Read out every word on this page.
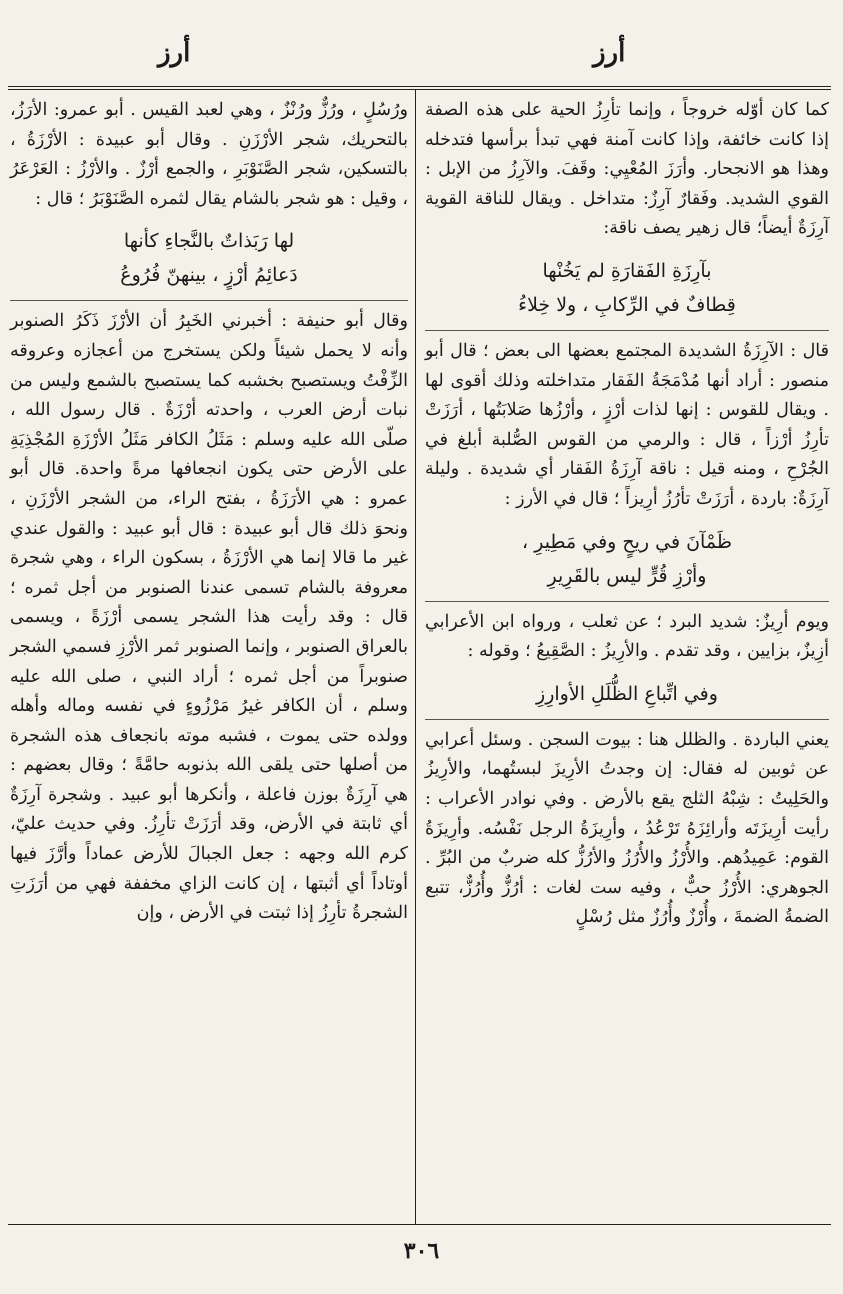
أرز	أرز

كما كان أوّله خروجاً ، وإنما تأرِزُ الحية على هذه الصفة إذا كانت خائفة، وإذا كانت آمنة فهي تبدأ برأسها فتدخله وهذا هو الانجحار. وأرَزَ المُعْيِي: وقَفَ. والآرِزُ من الإبل : القوي الشديد. وفَقارٌ آرِزٌ: متداخل . ويقال للناقة القوية آرِزَةٌ أيضاً؛ قال زهير يصف ناقة:

بآرِزَةِ الفَقارَةِ لم يَخُنْها
قِطافٌ في الرِّكابِ ، ولا خِلاءُ

قال : الآرِزَةُ الشديدة المجتمع بعضها الى بعض ؛ قال أبو منصور : أراد أنها مُدْمَجَةُ الفَقار متداخلته وذلك أقوى لها . ويقال للقوس : إنها لذات أرْزٍ ، وأرْزُها صَلابَتُها ، أرَزَتْ تأرِزُ أرْزاً ، قال : والرمي من القوس الصُّلبة أبلغ في الجُرْحِ ، ومنه قيل : ناقة آرِزَةُ الفَقار أي شديدة . وليلة آرِزَةٌ: باردة ، أرَزَتْ تأرُزُ أرِيزاً ؛ قال في الأرز :

ظَمْآنَ في ريحٍ وفي مَطِيرِ ،
وأرْزِ قُرٍّ ليس بالقَرِيرِ

ويوم أرِيزٌ: شديد البرد ؛ عن ثعلب ، ورواه ابن الأعرابي أزِيزٌ، بزايين ، وقد تقدم . والأرِيزُ : الصَّقِيعُ ؛ وقوله :

وفي اتِّباعِ الظُّلَلِ الأوارِزِ

يعني الباردة . والظلل هنا : بيوت السجن . وسئل أعرابي عن ثوبين له فقال: إن وجدتُ الأرِيزَ لبستُهما، والأرِيزُ والحَلِيتُ : شِبْهُ الثلج يقع بالأرض . وفي نوادر الأعراب : رأيت أرِيزَتَه وأرائِزَهُ تَرْعُدُ ، وأرِيزَةُ الرجل نَفْسُه. وأرِيزَةُ القوم: عَمِيدُهم. والأُرْزُ والأُرُزُ والأرُزُّ كله ضربٌ من البُرِّ . الجوهري: الأُرْزُ حبٌّ ، وفيه ست لغات : أرُزٌّ وأُرُزٌّ، تتبع الضمةُ الضمةَ ، وأُرْزٌ وأُرُزٌ مثل رُسْلٍ

ورُسُلٍ ، ورُزٌّ ورُنْزٌ ، وهي لعبد القيس . أبو عمرو: الأرَزُ، بالتحريك، شجر الأرْزَنِ . وقال أبو عبيدة : الأرْزَةُ ، بالتسكين، شجر الصَّنَوْبَرِ ، والجمع أرْزٌ . والأرْزُ : العَرْعَرُ ، وقيل : هو شجر بالشام يقال لثمره الصَّنَوْبَرُ ؛ قال :

لها رَبَذاتٌ بالنَّجاءِ كأنها
دَعائِمُ أرْزٍ ، بينهنّ فُرُوعُ

وقال أبو حنيفة : أخبرني الخَبِرُ أن الأرْزَ ذَكَرُ الصنوبر وأنه لا يحمل شيئاً ولكن يستخرج من أعجازه وعروقه الزِّفْتُ ويستصبح بخشبه كما يستصبح بالشمع وليس من نبات أرض العرب ، واحدته أرْزَةٌ . قال رسول الله ، صلّى الله عليه وسلم : مَثَلُ الكافر مَثَلُ الأرْزَةِ المُجْذِيَةِ على الأرض حتى يكون انجعافها مرةً واحدة. قال أبو عمرو : هي الأرَزَةُ ، بفتح الراء، من الشجر الأرْزَنِ ، ونحوَ ذلك قال أبو عبيدة : قال أبو عبيد : والقول عندي غير ما قالا إنما هي الأرْزَةُ ، بسكون الراء ، وهي شجرة معروفة بالشام تسمى عندنا الصنوبر من أجل ثمره ؛ قال : وقد رأيت هذا الشجر يسمى أرْزَةً ، ويسمى بالعراق الصنوبر ، وإنما الصنوبر ثمر الأرْزِ فسمي الشجر صنوبراً من أجل ثمره ؛ أراد النبي ، صلى الله عليه وسلم ، أن الكافر غيرُ مَرْزُوءٍ في نفسه وماله وأهله وولده حتى يموت ، فشبه موته بانجعاف هذه الشجرة من أصلها حتى يلقى الله بذنوبه حامَّةً ؛ وقال بعضهم : هي آرِزَةٌ بوزن فاعلة ، وأنكرها أبو عبيد . وشجرة آرِزَةٌ أي ثابتة في الأرض، وقد أرَزَتْ تأرِزُ. وفي حديث عليّ، كرم الله وجهه : جعل الجبالَ للأرض عماداً وأرَّزَ فيها أوتاداً أي أثبتها ، إن كانت الزاي مخففة فهي من أرَزَتِ الشجرةُ تأرِزُ إذا ثبتت في الأرض ، وإن

٣٠٦
